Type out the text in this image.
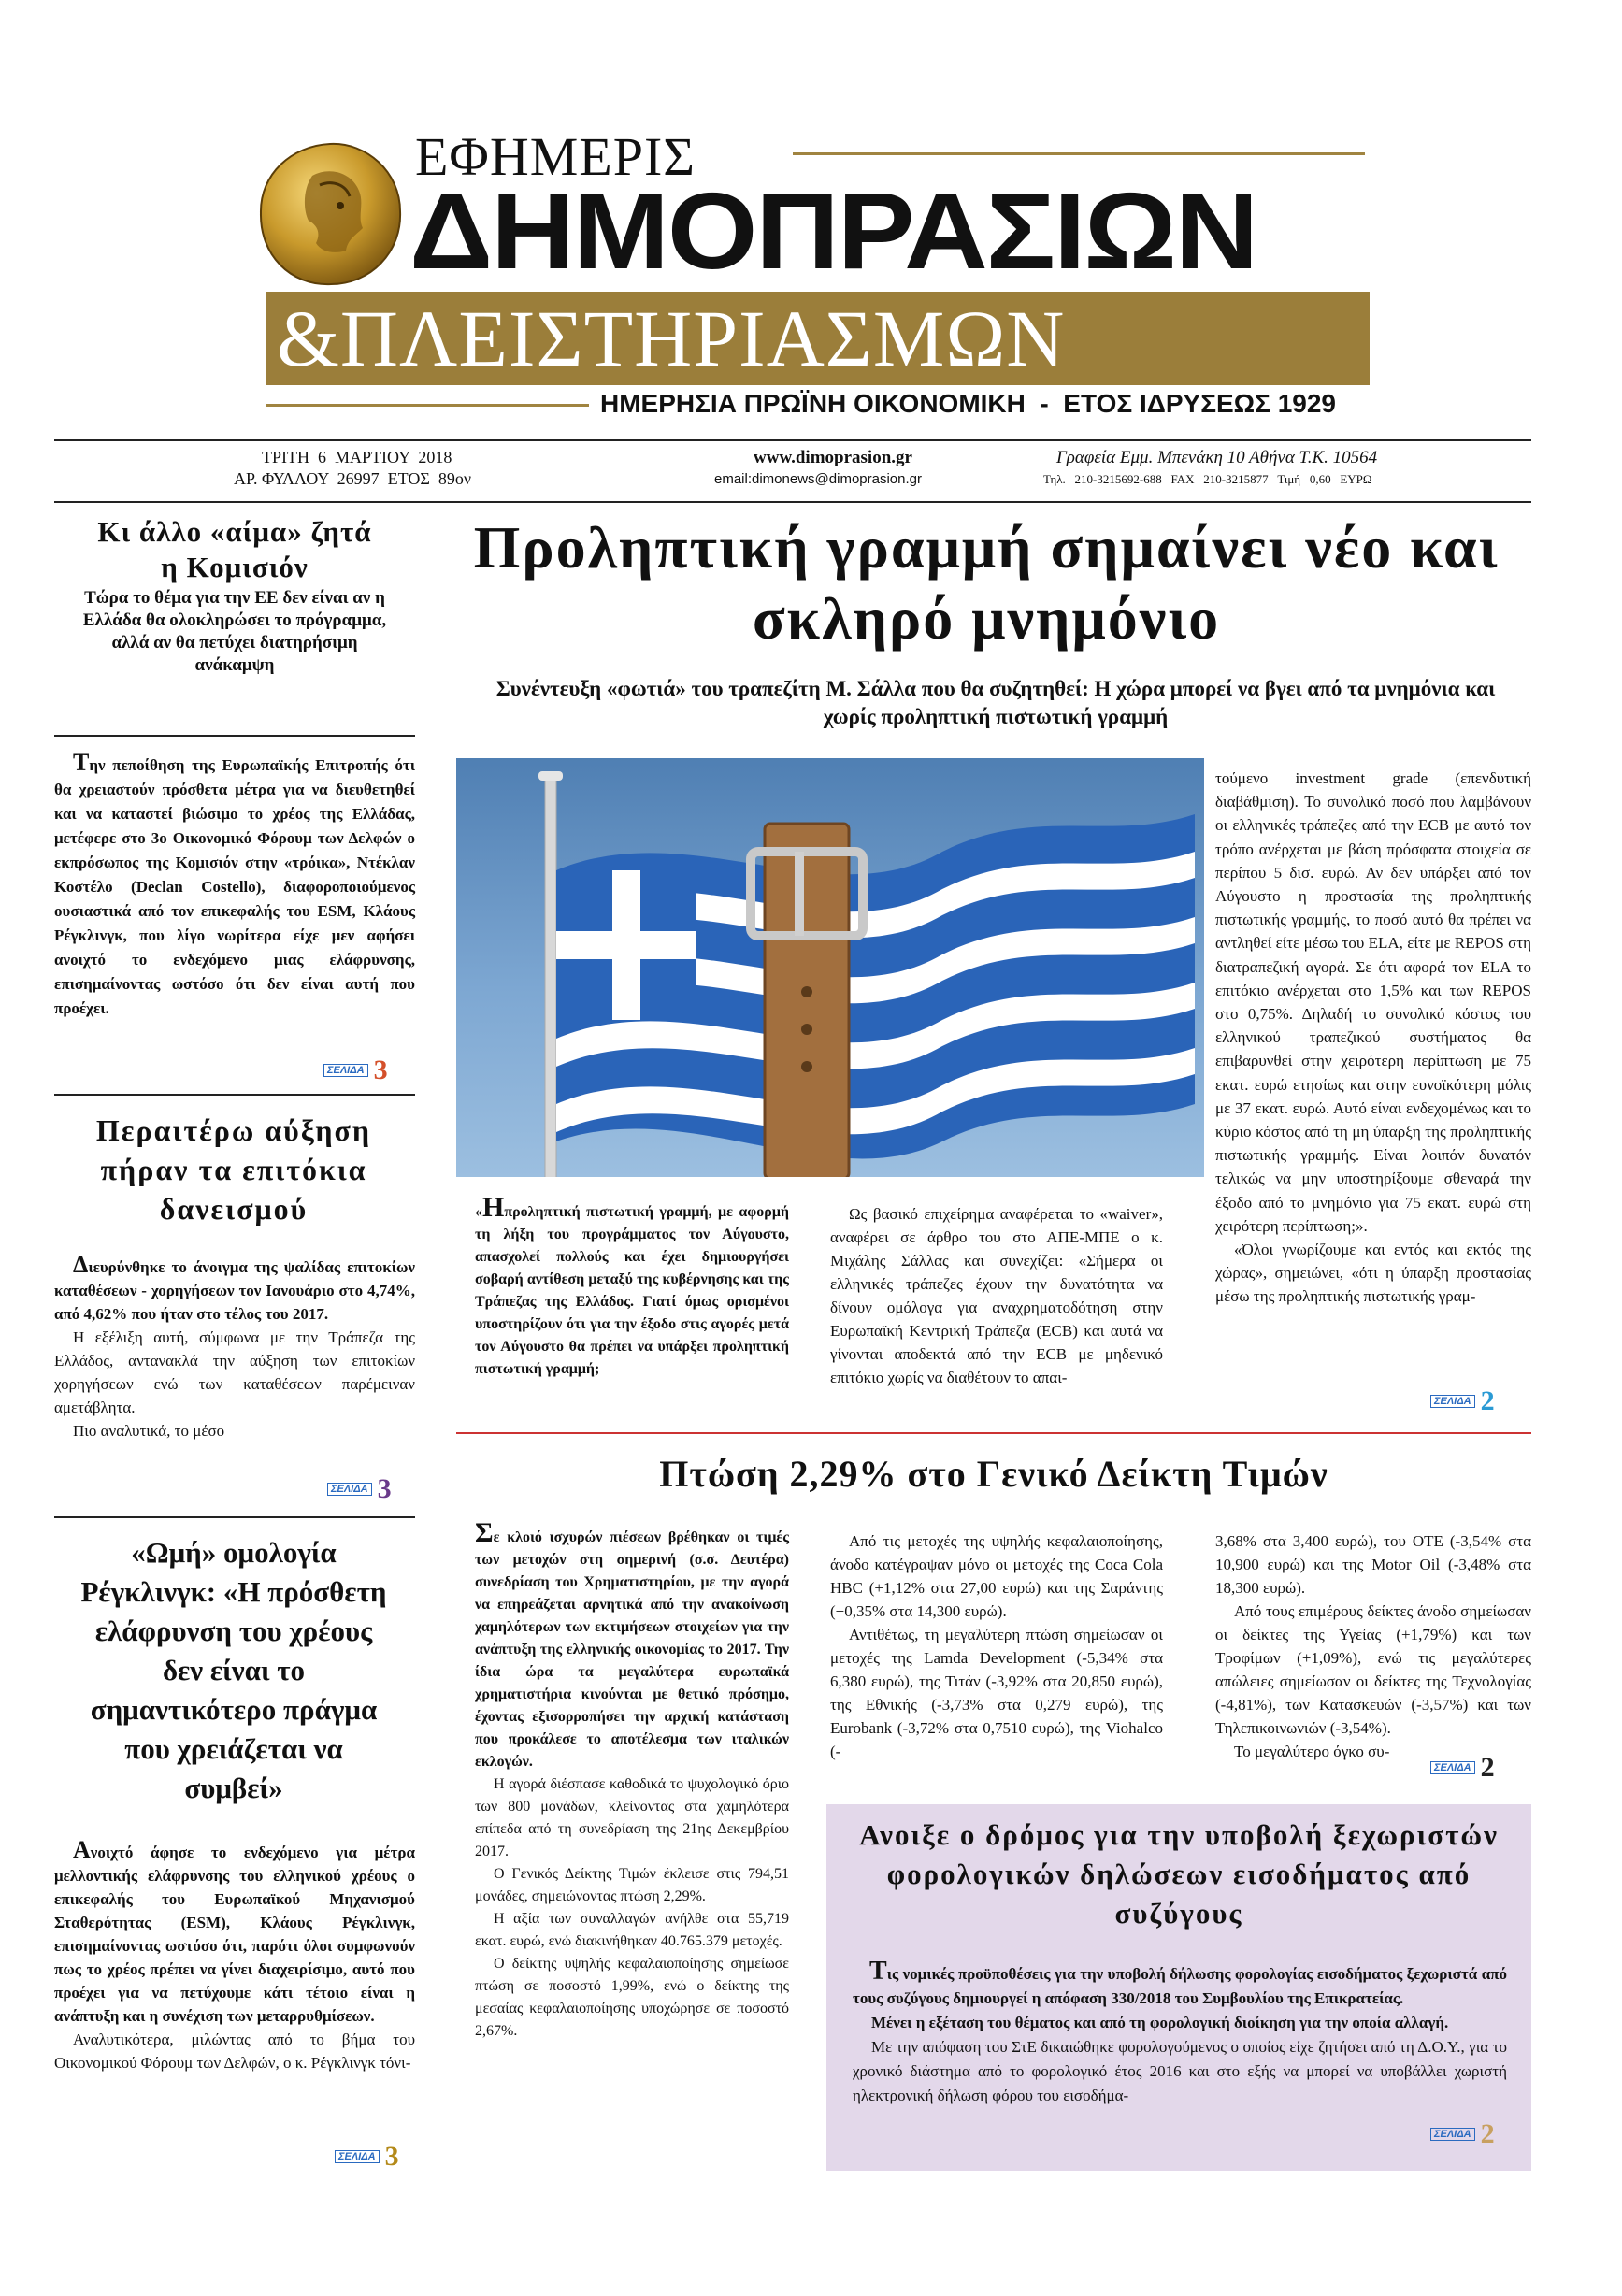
ΕΦΗΜΕΡΙΣ
ΔΗΜΟΠΡΑΣΙΩΝ
&ΠΛΕΙΣΤΗΡΙΑΣΜΩΝ
ΗΜΕΡΗΣΙΑ ΠΡΩΪΝΗ ΟΙΚΟΝΟΜΙΚΗ  -  ΕΤΟΣ ΙΔΡΥΣΕΩΣ 1929
ΤΡΙΤΗ  6  ΜΑΡΤΙΟΥ  2018
ΑΡ. ΦΥΛΛΟΥ  26997  ΕΤΟΣ  89ον
www.dimoprasion.gr
email:dimonews@dimoprasion.gr
Γραφεία Εμμ. Μπενάκη 10 Αθήνα Τ.Κ. 10564
Τηλ.   210-3215692-688   FAX   210-3215877   Τιμή   0,60   ΕΥΡΩ
Κι άλλο «αίμα» ζητά η Κομισιόν
Τώρα το θέμα για την ΕΕ δεν είναι αν η Ελλάδα θα ολοκληρώσει το πρόγραμμα, αλλά αν θα πετύχει διατηρήσιμη ανάκαμψη
Την πεποίθηση της Ευρωπαϊκής Επιτροπής ότι θα χρειαστούν πρόσθετα μέτρα για να διευθετηθεί και να καταστεί βιώσιμο το χρέος της Ελλάδας, μετέφερε στο 3ο Οικονομικό Φόρουμ των Δελφών ο εκπρόσωπος της Κομισιόν στην «τρόικα», Ντέκλαν Κοστέλο (Declan Costello), διαφοροποιούμενος ουσιαστικά από τον επικεφαλής του ESM, Κλάους Ρέγκλινγκ, που λίγο νωρίτερα είχε μεν αφήσει ανοιχτό το ενδεχόμενο μιας ελάφρυνσης, επισημαίνοντας ωστόσο ότι δεν είναι αυτή που προέχει.
ΣΕΛΙΔΑ 3
Περαιτέρω αύξηση πήραν τα επιτόκια δανεισμού

Διευρύνθηκε το άνοιγμα της ψαλίδας επιτοκίων καταθέσεων - χορηγήσεων τον Ιανουάριο στο 4,74%, από 4,62% που ήταν στο τέλος του 2017.

Η εξέλιξη αυτή, σύμφωνα με την Τράπεζα της Ελλάδος, αντανακλά την αύξηση των επιτοκίων χορηγήσεων ενώ των καταθέσεων παρέμειναν αμετάβλητα.

Πιο αναλυτικά, το μέσο

ΣΕΛΙΔΑ 3
«Ωμή» ομολογία Ρέγκλινγκ: «Η πρόσθετη ελάφρυνση του χρέους δεν είναι το σημαντικότερο πράγμα που χρειάζεται να συμβεί»

Ανοιχτό άφησε το ενδεχόμενο για μέτρα μελλοντικής ελάφρυνσης του ελληνικού χρέους ο επικεφαλής του Ευρωπαϊκού Μηχανισμού Σταθερότητας (ESM), Κλάους Ρέγκλινγκ, επισημαίνοντας ωστόσο ότι, παρότι όλοι συμφωνούν πως το χρέος πρέπει να γίνει διαχειρίσιμο, αυτό που προέχει για να πετύχουμε κάτι τέτοιο είναι η ανάπτυξη και η συνέχιση των μεταρρυθμίσεων.

Αναλυτικότερα, μιλώντας από το βήμα του Οικονομικού Φόρουμ των Δελφών, ο κ. Ρέγκλινγκ τόνι-

ΣΕΛΙΔΑ 3
Προληπτική γραμμή σημαίνει νέο και σκληρό μνημόνιο
Συνέντευξη «φωτιά» του τραπεζίτη Μ. Σάλλα που θα συζητηθεί: Η χώρα μπορεί να βγει από τα μνημόνια και χωρίς προληπτική πιστωτική γραμμή
«Ηπροληπτική πιστωτική γραμμή, με αφορμή τη λήξη του προγράμματος τον Αύγουστο, απασχολεί πολλούς και έχει δημιουργήσει σοβαρή αντίθεση μεταξύ της κυβέρνησης και της Τράπεζας της Ελλάδος. Γιατί όμως ορισμένοι υποστηρίζουν ότι για την έξοδο στις αγορές μετά τον Αύγουστο θα πρέπει να υπάρξει προληπτική πιστωτική γραμμή;
Ως βασικό επιχείρημα αναφέρεται το «waiver», αναφέρει σε άρθρο του στο ΑΠΕ-ΜΠΕ ο κ. Μιχάλης Σάλλας και συνεχίζει: «Σήμερα οι ελληνικές τράπεζες έχουν την δυνατότητα να δίνουν ομόλογα για αναχρηματοδότηση στην Ευρωπαϊκή Κεντρική Τράπεζα (ECB) και αυτά να γίνονται αποδεκτά από την ECB με μηδενικό επιτόκιο χωρίς να διαθέτουν το απαι-

τούμενο investment grade (επενδυτική διαβάθμιση). Το συνολικό ποσό που λαμβάνουν οι ελληνικές τράπεζες από την ECB με αυτό τον τρόπο ανέρχεται με βάση πρόσφατα στοιχεία σε περίπου 5 δισ. ευρώ. Αν δεν υπάρξει από τον Αύγουστο η προστασία της προληπτικής πιστωτικής γραμμής, το ποσό αυτό θα πρέπει να αντληθεί είτε μέσω του ELA, είτε με REPOS στη διατραπεζική αγορά. Σε ότι αφορά τον ELA το επιτόκιο ανέρχεται στο 1,5% και των REPOS στο 0,75%. Δηλαδή το συνολικό κόστος του ελληνικού τραπεζικού συστήματος θα επιβαρυνθεί στην χειρότερη περίπτωση με 75 εκατ. ευρώ ετησίως και στην ευνοϊκότερη μόλις με 37 εκατ. ευρώ. Αυτό είναι ενδεχομένως και το κύριο κόστος από τη μη ύπαρξη της προληπτικής πιστωτικής γραμμής. Είναι λοιπόν δυνατόν τελικώς να μην υποστηρίξουμε σθεναρά την έξοδο από το μνημόνιο για 75 εκατ. ευρώ στη χειρότερη περίπτωση;».

«Όλοι γνωρίζουμε και εντός και εκτός της χώρας», σημειώνει, «ότι η ύπαρξη προστασίας μέσω της προληπτικής πιστωτικής γραμ-

ΣΕΛΙΔΑ 2
Πτώση 2,29% στο Γενικό Δείκτη Τιμών

Σε κλοιό ισχυρών πιέσεων βρέθηκαν οι τιμές των μετοχών στη σημερινή (σ.σ. Δευτέρα) συνεδρίαση του Χρηματιστηρίου, με την αγορά να επηρεάζεται αρνητικά από την ανακοίνωση χαμηλότερων των εκτιμήσεων στοιχείων για την ανάπτυξη της ελληνικής οικονομίας το 2017. Την ίδια ώρα τα μεγαλύτερα ευρωπαϊκά χρηματιστήρια κινούνται με θετικό πρόσημο, έχοντας εξισορροπήσει την αρχική κατάσταση που προκάλεσε το αποτέλεσμα των ιταλικών εκλογών.

Η αγορά διέσπασε καθοδικά το ψυχολογικό όριο των 800 μονάδων, κλείνοντας στα χαμηλότερα επίπεδα από τη συνεδρίαση της 21ης Δεκεμβρίου 2017.

Ο Γενικός Δείκτης Τιμών έκλεισε στις 794,51 μονάδες, σημειώνοντας πτώση 2,29%.

Η αξία των συναλλαγών ανήλθε στα 55,719 εκατ. ευρώ, ενώ διακινήθηκαν 40.765.379 μετοχές.

Ο δείκτης υψηλής κεφαλαιοποίησης σημείωσε πτώση σε ποσοστό 1,99%, ενώ ο δείκτης της μεσαίας κεφαλαιοποίησης υποχώρησε σε ποσοστό 2,67%.

Από τις μετοχές της υψηλής κεφαλαιοποίησης, άνοδο κατέγραψαν μόνο οι μετοχές της Coca Cola HBC (+1,12% στα 27,00 ευρώ) και της Σαράντης (+0,35% στα 14,300 ευρώ).

Αντιθέτως, τη μεγαλύτερη πτώση σημείωσαν οι μετοχές της Lamda Development (-5,34% στα 6,380 ευρώ), της Τιτάν (-3,92% στα 20,850 ευρώ), της Εθνικής (-3,73% στα 0,279 ευρώ), της Eurobank (-3,72% στα 0,7510 ευρώ), της Viohalco (-

3,68% στα 3,400 ευρώ), του ΟΤΕ (-3,54% στα 10,900 ευρώ) και της Motor Oil (-3,48% στα 18,300 ευρώ).

Από τους επιμέρους δείκτες άνοδο σημείωσαν οι δείκτες της Υγείας (+1,79%) και των Τροφίμων (+1,09%), ενώ τις μεγαλύτερες απώλειες σημείωσαν οι δείκτες της Τεχνολογίας (-4,81%), των Κατασκευών (-3,57%) και των Τηλεπικοινωνιών (-3,54%).

Το μεγαλύτερο όγκο συ-

ΣΕΛΙΔΑ 2
Ανοιξε ο δρόμος για την υποβολή ξεχωριστών φορολογικών δηλώσεων εισοδήματος από συζύγους

Τις νομικές προϋποθέσεις για την υποβολή δήλωσης φορολογίας εισοδήματος ξεχωριστά από τους συζύγους δημιουργεί η απόφαση 330/2018 του Συμβουλίου της Επικρατείας.

Μένει η εξέταση του θέματος και από τη φορολογική διοίκηση για την οποία αλλαγή.

Με την απόφαση του ΣτΕ δικαιώθηκε φορολογούμενος ο οποίος είχε ζητήσει από τη Δ.Ο.Υ., για το χρονικό διάστημα από το φορολογικό έτος 2016 και στο εξής να μπορεί να υποβάλλει χωριστή ηλεκτρονική δήλωση φόρου του εισοδήμα-

ΣΕΛΙΔΑ 2
